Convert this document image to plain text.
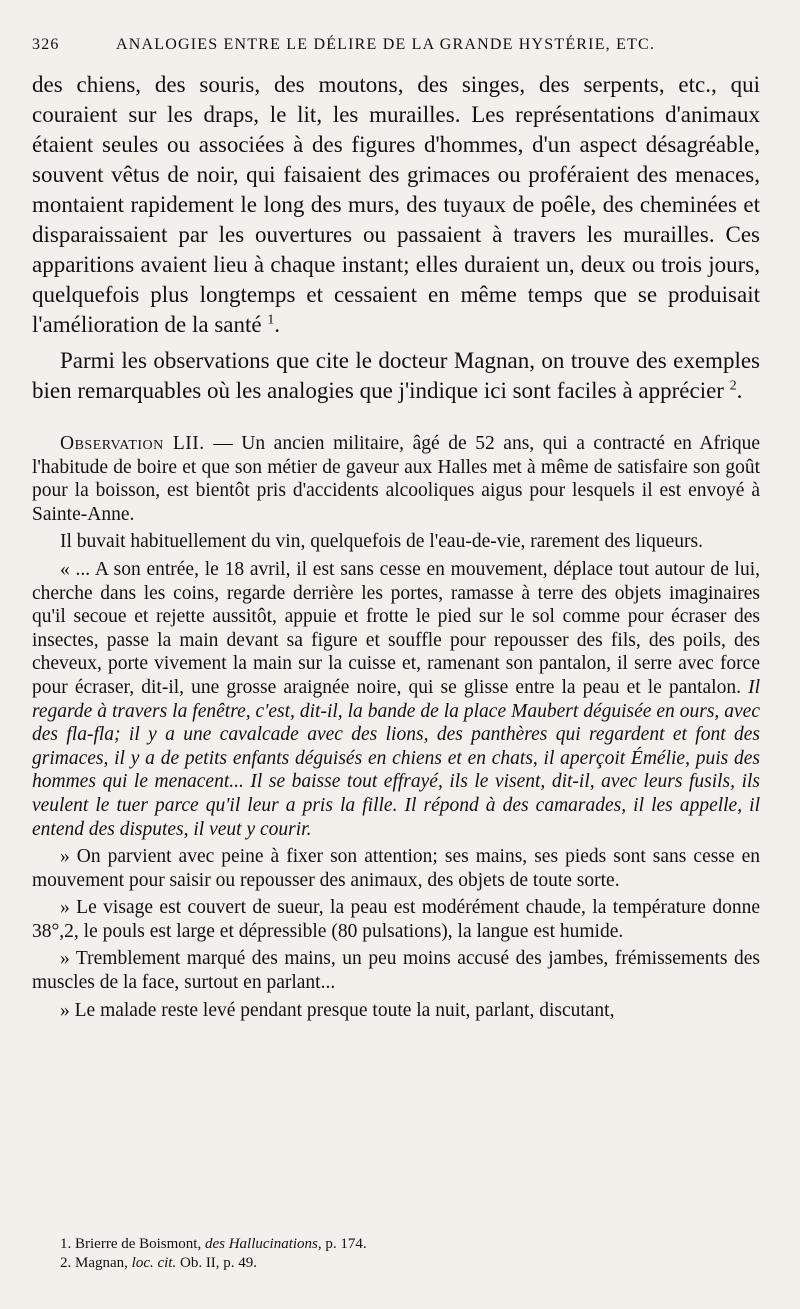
326	ANALOGIES ENTRE LE DÉLIRE DE LA GRANDE HYSTÉRIE, ETC.

des chiens, des souris, des moutons, des singes, des serpents, etc., qui couraient sur les draps, le lit, les murailles. Les représentations d'animaux étaient seules ou associées à des figures d'hommes, d'un aspect désagréable, souvent vêtus de noir, qui faisaient des grimaces ou proféraient des menaces, montaient rapidement le long des murs, des tuyaux de poêle, des cheminées et disparaissaient par les ouvertures ou passaient à travers les murailles. Ces apparitions avaient lieu à chaque instant; elles duraient un, deux ou trois jours, quelquefois plus longtemps et cessaient en même temps que se produisait l'amélioration de la santé $^1$.

Parmi les observations que cite le docteur Magnan, on trouve des exemples bien remarquables où les analogies que j'indique ici sont faciles à apprécier $^2$.

Observation LII. — Un ancien militaire, âgé de 52 ans, qui a contracté en Afrique l'habitude de boire et que son métier de gaveur aux Halles met à même de satisfaire son goût pour la boisson, est bientôt pris d'accidents alcooliques aigus pour lesquels il est envoyé à Sainte-Anne.

Il buvait habituellement du vin, quelquefois de l'eau-de-vie, rarement des liqueurs.

« ... A son entrée, le 18 avril, il est sans cesse en mouvement, déplace tout autour de lui, cherche dans les coins, regarde derrière les portes, ramasse à terre des objets imaginaires qu'il secoue et rejette aussitôt, appuie et frotte le pied sur le sol comme pour écraser des insectes, passe la main devant sa figure et souffle pour repousser des fils, des poils, des cheveux, porte vivement la main sur la cuisse et, ramenant son pantalon, il serre avec force pour écraser, dit-il, une grosse araignée noire, qui se glisse entre la peau et le pantalon. Il regarde à travers la fenêtre, c'est, dit-il, la bande de la place Maubert déguisée en ours, avec des fla-fla; il y a une cavalcade avec des lions, des panthères qui regardent et font des grimaces, il y a de petits enfants déguisés en chiens et en chats, il aperçoit Émélie, puis des hommes qui le menacent... Il se baisse tout effrayé, ils le visent, dit-il, avec leurs fusils, ils veulent le tuer parce qu'il leur a pris la fille. Il répond à des camarades, il les appelle, il entend des disputes, il veut y courir.

» On parvient avec peine à fixer son attention; ses mains, ses pieds sont sans cesse en mouvement pour saisir ou repousser des animaux, des objets de toute sorte.

» Le visage est couvert de sueur, la peau est modérément chaude, la température donne 38°,2, le pouls est large et dépressible (80 pulsations), la langue est humide.

» Tremblement marqué des mains, un peu moins accusé des jambes, frémissements des muscles de la face, surtout en parlant...

» Le malade reste levé pendant presque toute la nuit, parlant, discutant,

1. Brierre de Boismont, des Hallucinations, p. 174.
2. Magnan, loc. cit. Ob. II, p. 49.
